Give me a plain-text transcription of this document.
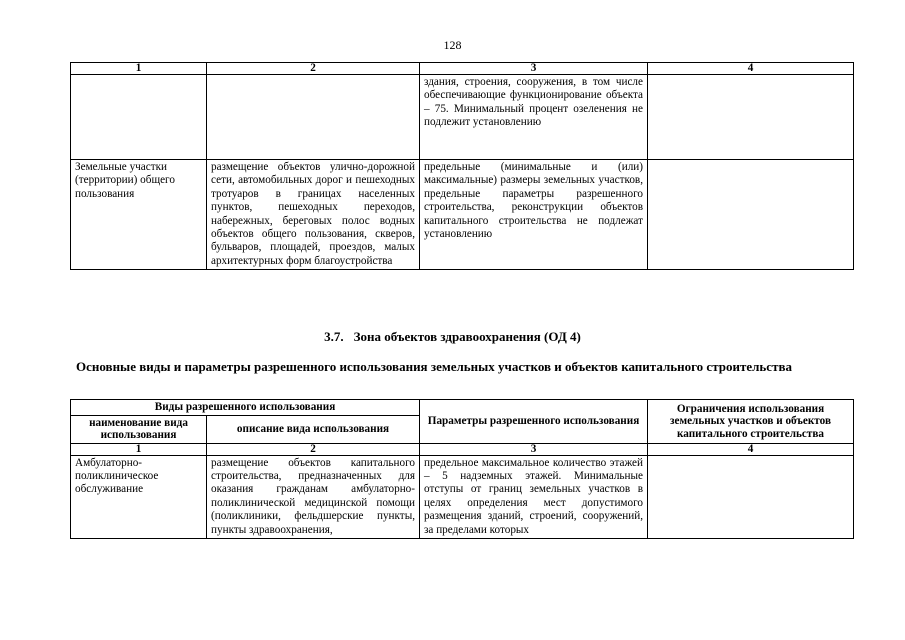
128
1	2	3	4
		здания, строения, сооружения, в том числе обеспечивающие функционирование объекта – 75. Минимальный процент озеленения не подлежит установлению	
Земельные участки (территории) общего пользования	размещение объектов улично-дорожной сети, автомобильных дорог и пешеходных тротуаров в границах населенных пунктов, пешеходных переходов, набережных, береговых полос водных объектов общего пользования, скверов, бульваров, площадей, проездов, малых архитектурных форм благоустройства	предельные (минимальные и (или) максимальные) размеры земельных участков, предельные параметры разрешенного строительства, реконструкции объектов капитального строительства не подлежат установлению	
3.7. Зона объектов здравоохранения (ОД 4)
Основные виды и параметры разрешенного использования земельных участков и объектов капитального строительства
Виды разрешенного использования		Параметры разрешенного использования	Ограничения использования земельных участков и объектов капитального строительства
наименование вида использования	описание вида использования		
1	2	3	4
Амбулаторно-поликлиническое обслуживание	размещение объектов капитального строительства, предназначенных для оказания гражданам амбулаторно-поликлинической медицинской помощи (поликлиники, фельдшерские пункты, пункты здравоохранения,	предельное максимальное количество этажей – 5 надземных этажей. Минимальные отступы от границ земельных участков в целях определения мест допустимого размещения зданий, строений, сооружений, за пределами которых	
